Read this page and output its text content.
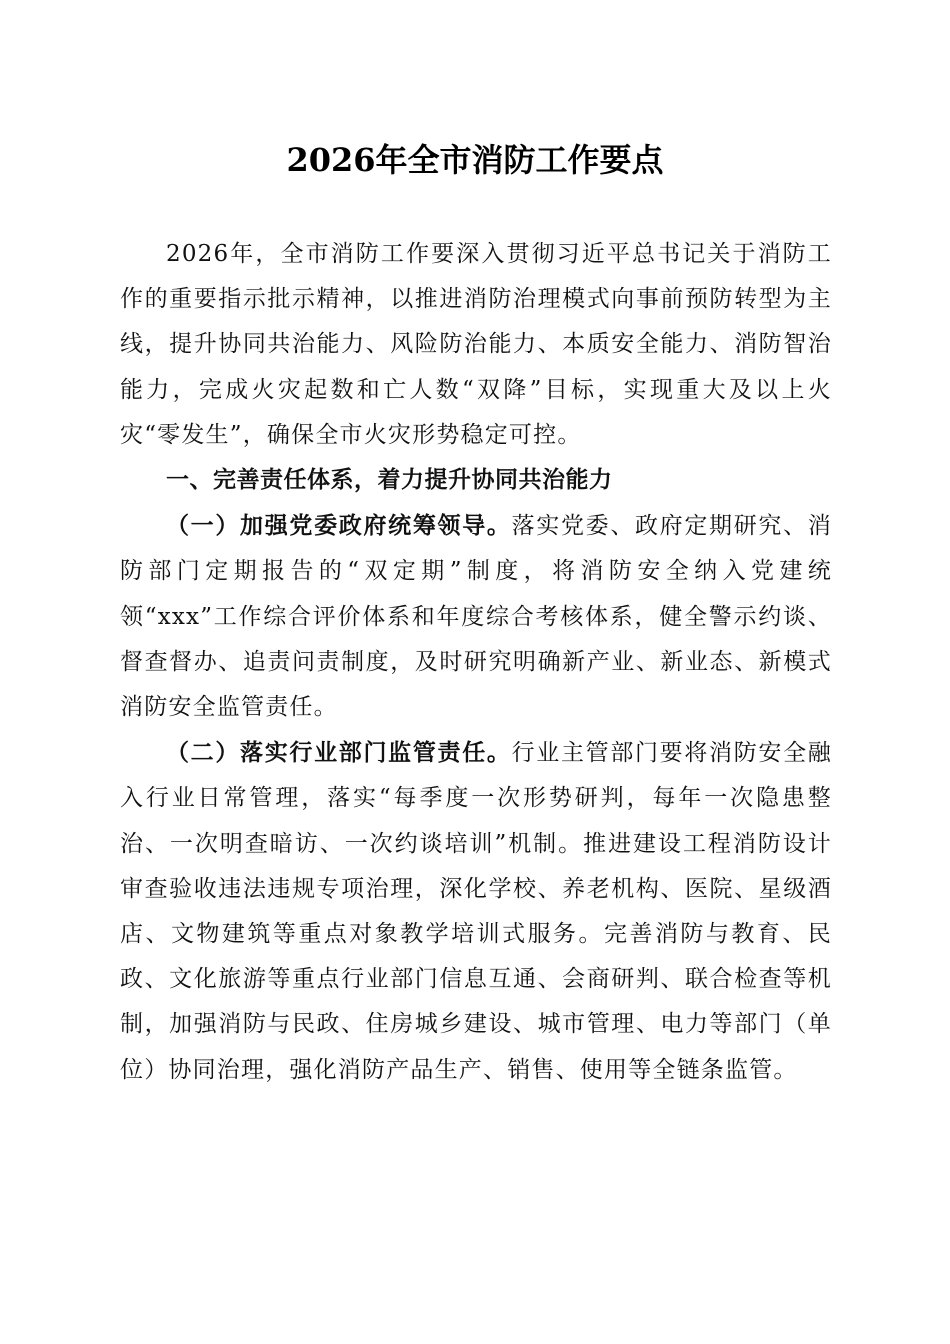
2026年全市消防工作要点

2026年，全市消防工作要深入贯彻习近平总书记关于消防工作的重要指示批示精神，以推进消防治理模式向事前预防转型为主线，提升协同共治能力、风险防治能力、本质安全能力、消防智治能力，完成火灾起数和亡人数“双降”目标，实现重大及以上火灾“零发生”，确保全市火灾形势稳定可控。

一、完善责任体系，着力提升协同共治能力

（一）加强党委政府统筹领导。落实党委、政府定期研究、消防部门定期报告的“双定期”制度，将消防安全纳入党建统领“xxx”工作综合评价体系和年度综合考核体系，健全警示约谈、督查督办、追责问责制度，及时研究明确新产业、新业态、新模式消防安全监管责任。

（二）落实行业部门监管责任。行业主管部门要将消防安全融入行业日常管理，落实“每季度一次形势研判，每年一次隐患整治、一次明查暗访、一次约谈培训”机制。推进建设工程消防设计审查验收违法违规专项治理，深化学校、养老机构、医院、星级酒店、文物建筑等重点对象教学培训式服务。完善消防与教育、民政、文化旅游等重点行业部门信息互通、会商研判、联合检查等机制，加强消防与民政、住房城乡建设、城市管理、电力等部门（单位）协同治理，强化消防产品生产、销售、使用等全链条监管。
